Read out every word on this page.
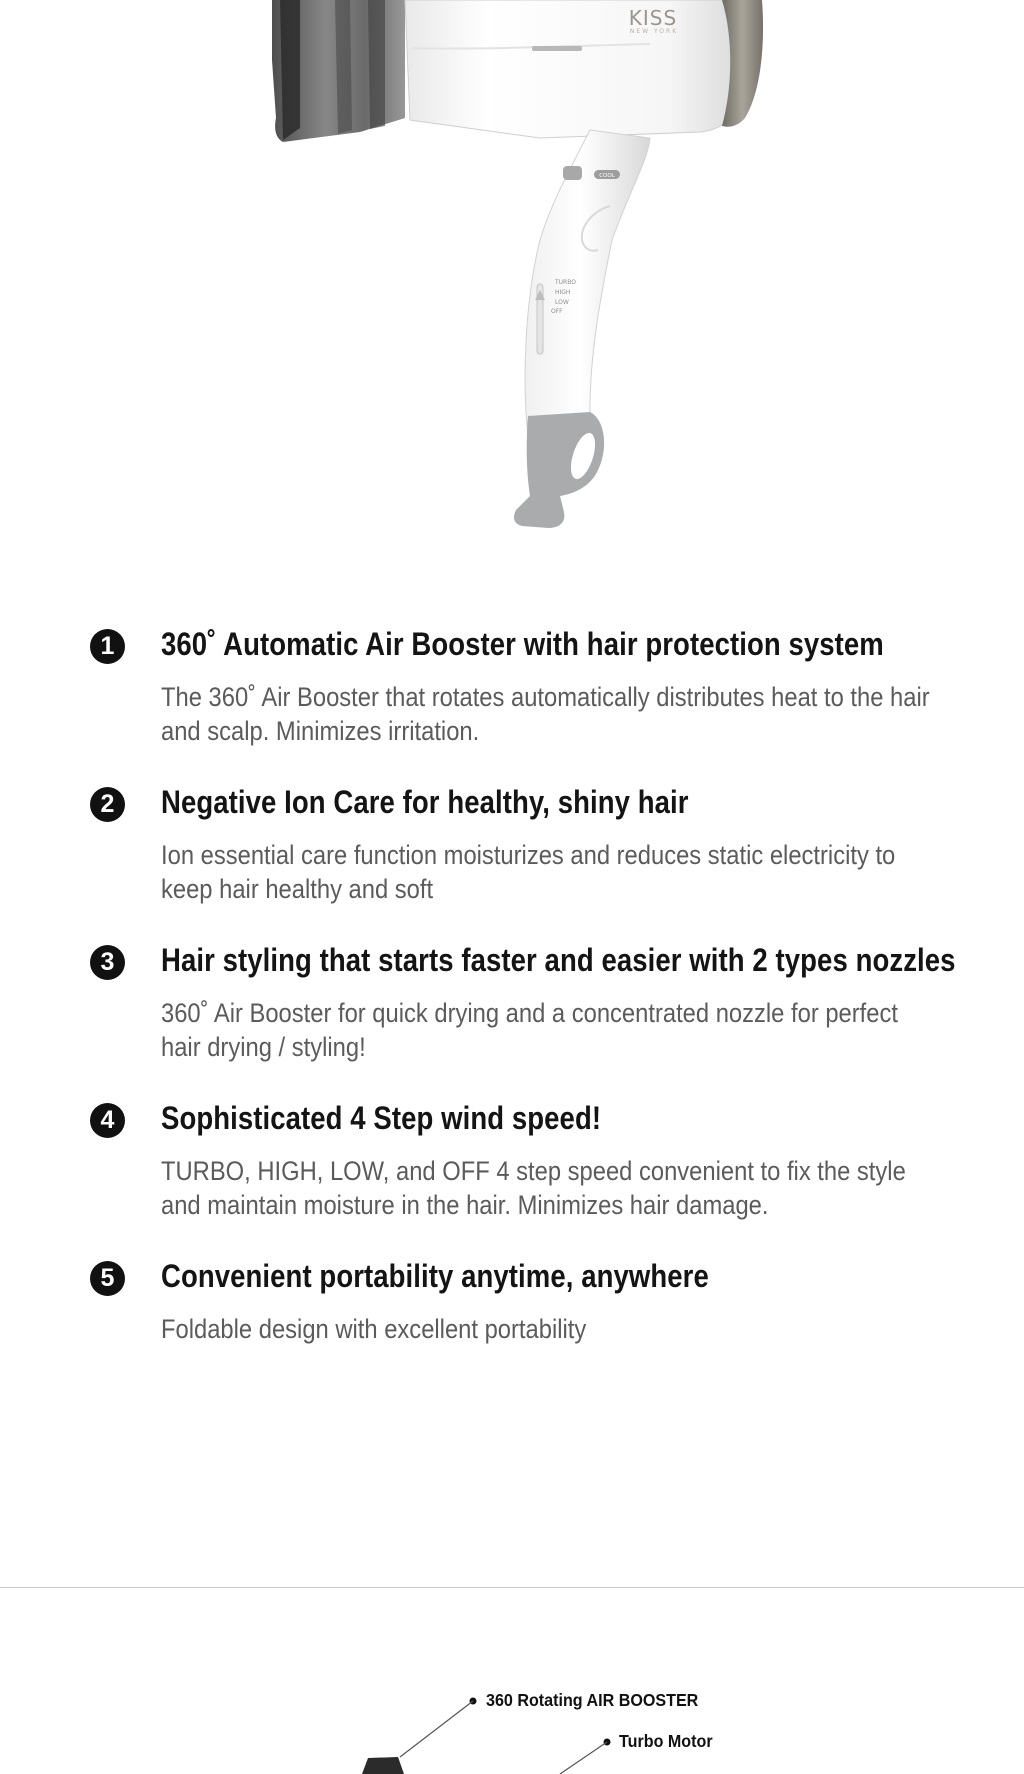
KISS
NEW YORK
COOL
TURBO
HIGH
LOW
OFF
1	360˚ Automatic Air Booster with hair protection system
The 360˚ Air Booster that rotates automatically distributes heat to the hair and scalp. Minimizes irritation.
2	Negative Ion Care for healthy, shiny hair
Ion essential care function moisturizes and reduces static electricity to keep hair healthy and soft
3	Hair styling that starts faster and easier with 2 types nozzles
360˚ Air Booster for quick drying and a concentrated nozzle for perfect hair drying / styling!
4	Sophisticated 4 Step wind speed!
TURBO, HIGH, LOW, and OFF 4 step speed convenient to fix the style and maintain moisture in the hair. Minimizes hair damage.
5	Convenient portability anytime, anywhere
Foldable design with excellent portability
360 Rotating AIR BOOSTER
Turbo Motor
